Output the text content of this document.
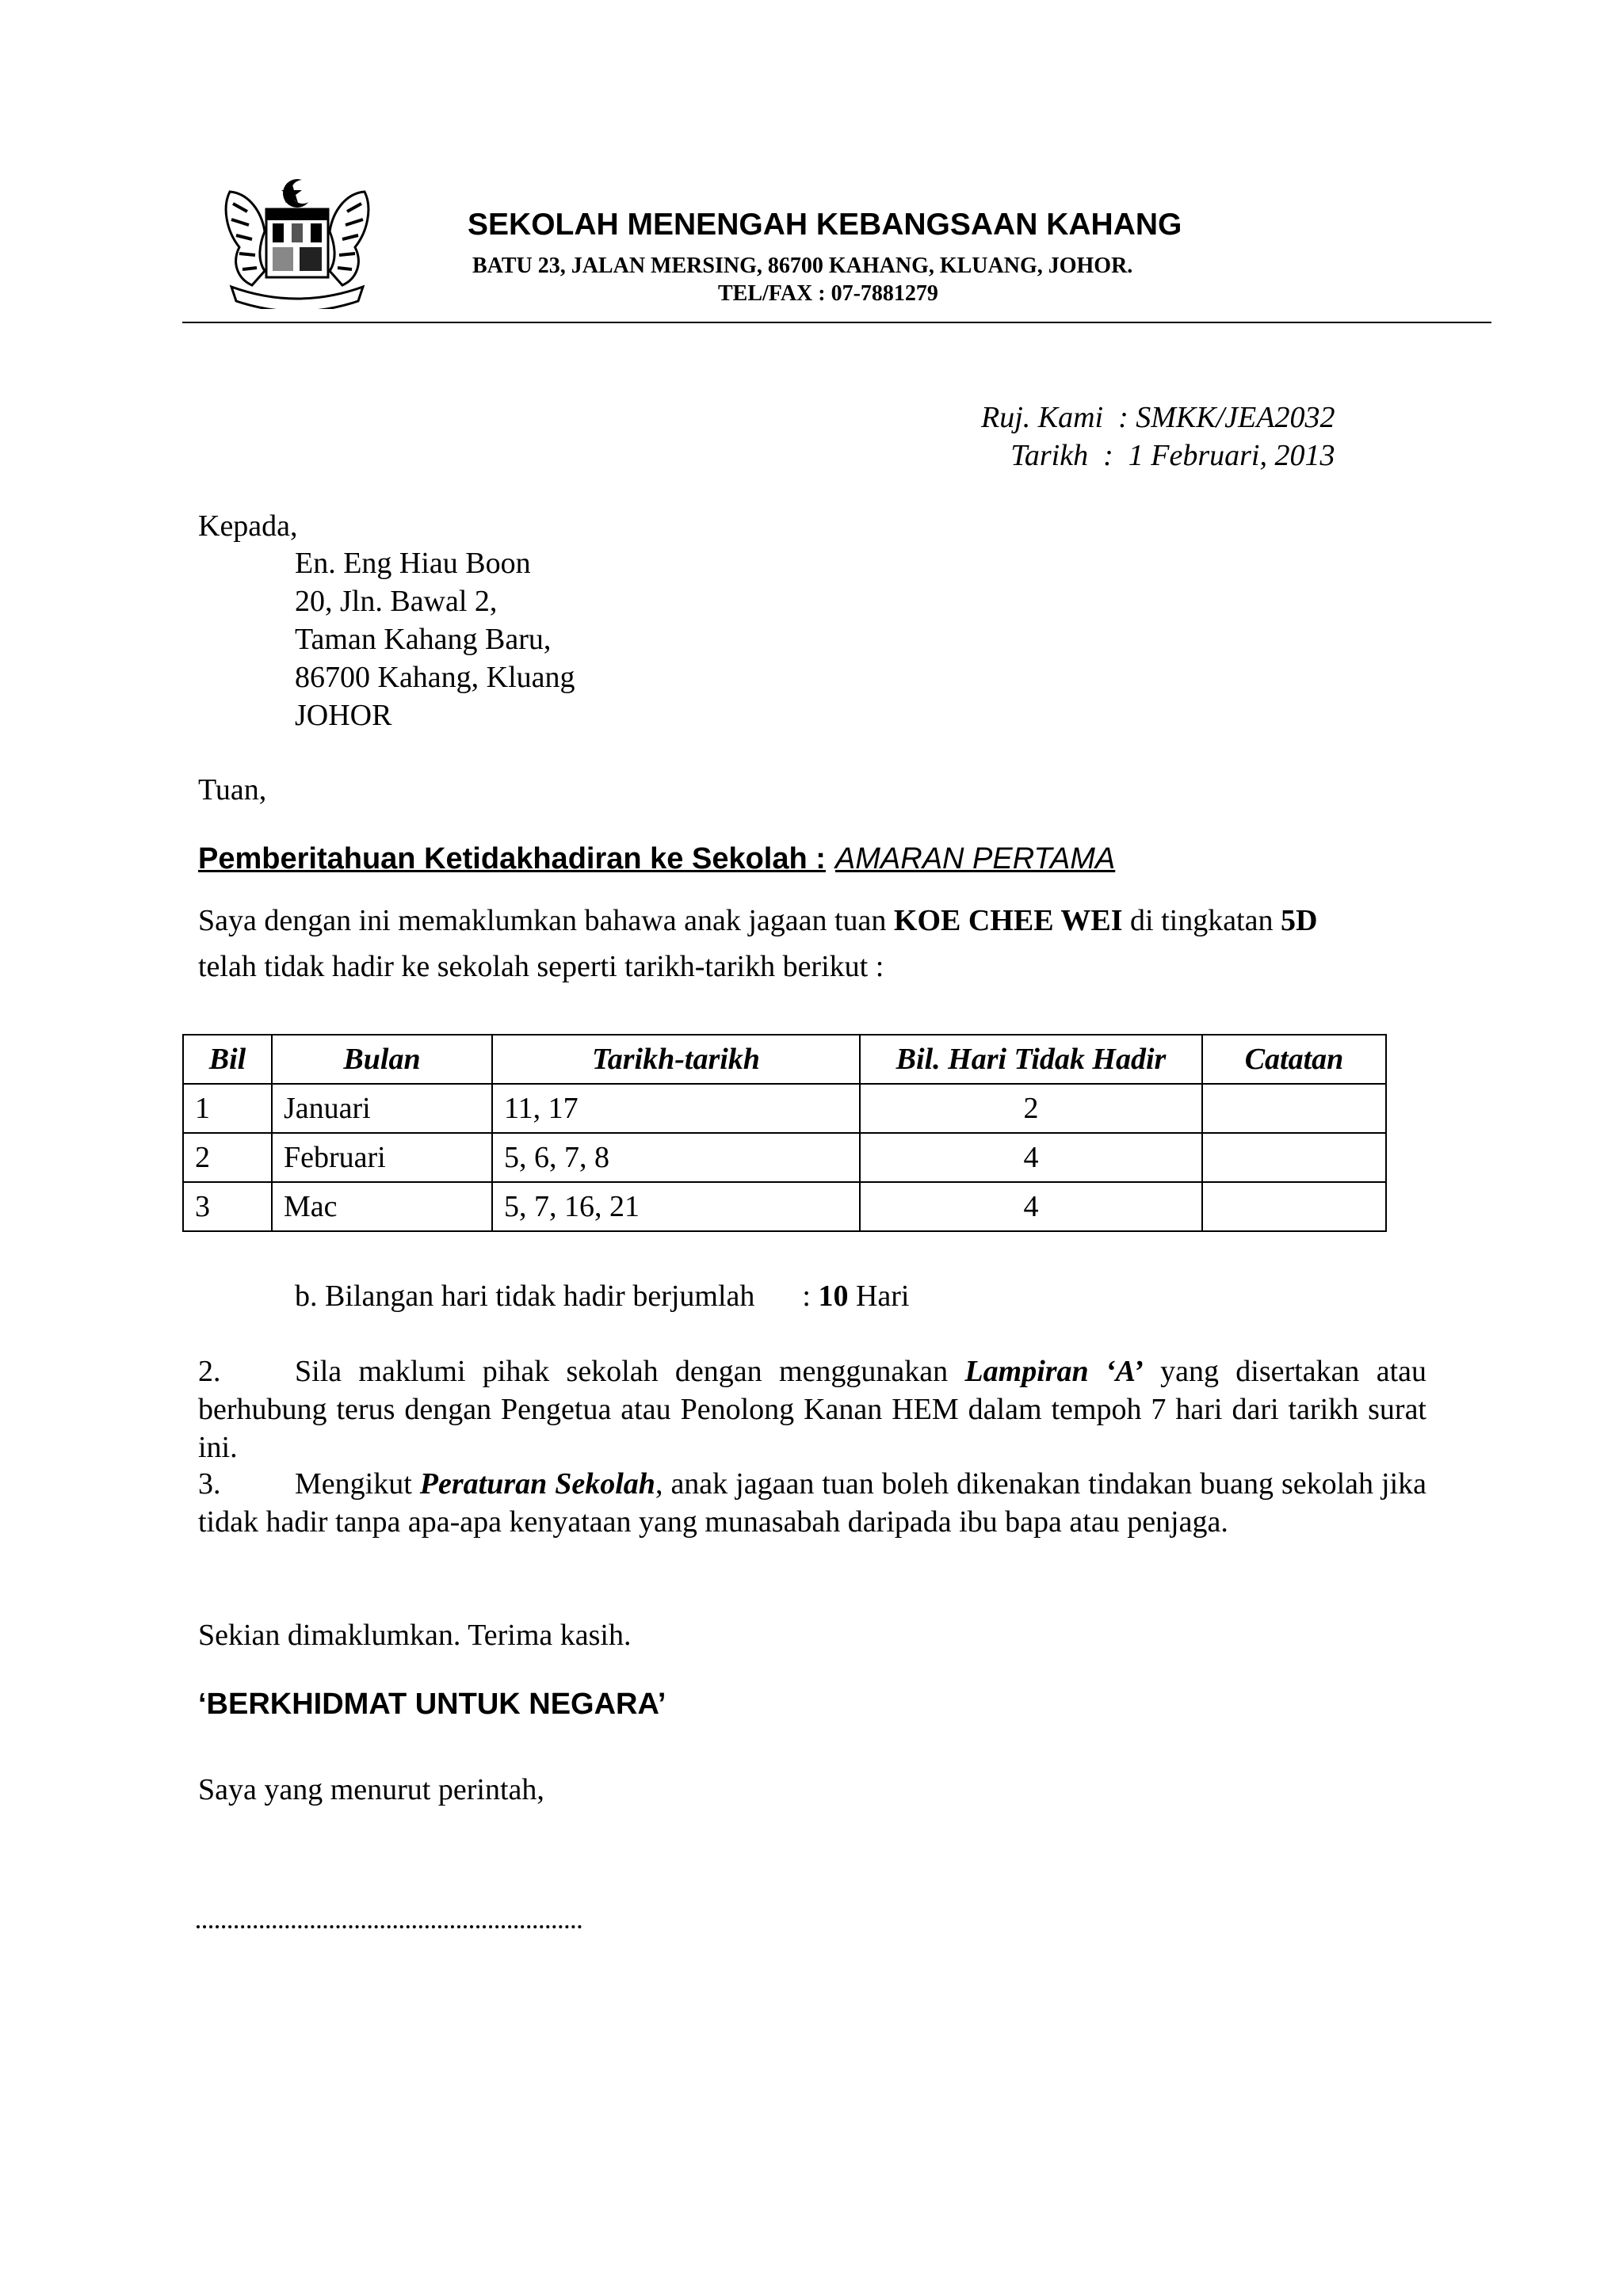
SEKOLAH MENENGAH KEBANGSAAN KAHANG
BATU 23, JALAN MERSING, 86700 KAHANG, KLUANG, JOHOR.
TEL/FAX : 07-7881279
Ruj. Kami  : SMKK/JEA2032
Tarikh  :  1 Februari, 2013
Kepada,
En. Eng Hiau Boon
20, Jln. Bawal 2,
Taman Kahang Baru,
86700 Kahang, Kluang
JOHOR
Tuan,
Pemberitahuan Ketidakhadiran ke Sekolah : AMARAN PERTAMA
Saya dengan ini memaklumkan bahawa anak jagaan tuan KOE CHEE WEI di tingkatan 5D
telah tidak hadir ke sekolah seperti tarikh-tarikh berikut :
Bil	Bulan	Tarikh-tarikh	Bil. Hari Tidak Hadir	Catatan
1	Januari	11, 17	2	
2	Februari	5, 6, 7, 8	4	
3	Mac	5, 7, 16, 21	4	
b. Bilangan hari tidak hadir berjumlah : 10 Hari
2. Sila maklumi pihak sekolah dengan menggunakan Lampiran ‘A’ yang disertakan atau berhubung terus dengan Pengetua atau Penolong Kanan HEM dalam tempoh 7 hari dari tarikh surat ini.
3. Mengikut Peraturan Sekolah, anak jagaan tuan boleh dikenakan tindakan buang sekolah jika tidak hadir tanpa apa-apa kenyataan yang munasabah daripada ibu bapa atau penjaga.
Sekian dimaklumkan. Terima kasih.
‘BERKHIDMAT UNTUK NEGARA’
Saya yang menurut perintah,
